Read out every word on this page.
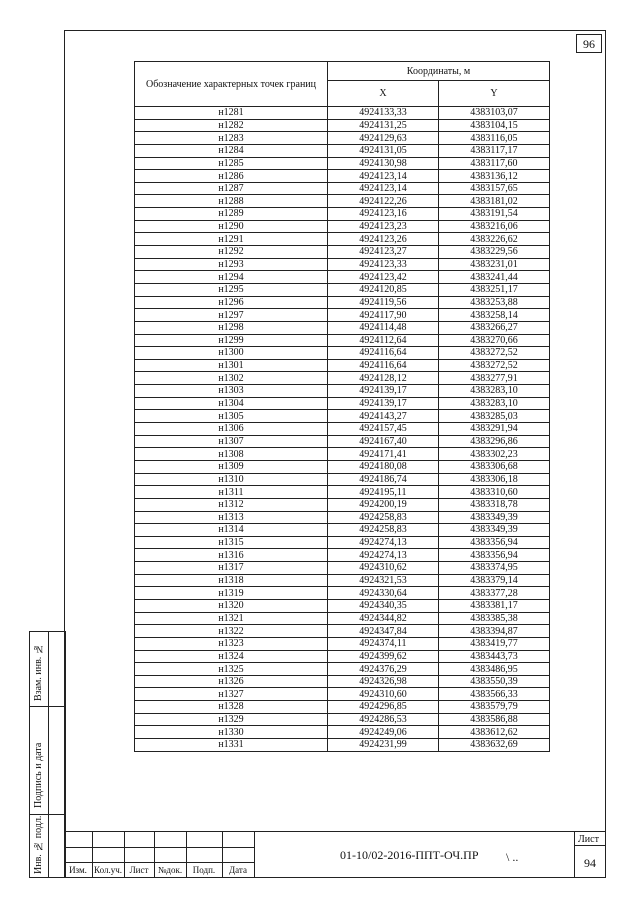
96
Обозначение характерных точек границ	Координаты, м	
	X	Y
н1281	4924133,33	4383103,07
н1282	4924131,25	4383104,15
н1283	4924129,63	4383116,05
н1284	4924131,05	4383117,17
н1285	4924130,98	4383117,60
н1286	4924123,14	4383136,12
н1287	4924123,14	4383157,65
н1288	4924122,26	4383181,02
н1289	4924123,16	4383191,54
н1290	4924123,23	4383216,06
н1291	4924123,26	4383226,62
н1292	4924123,27	4383229,56
н1293	4924123,33	4383231,01
н1294	4924123,42	4383241,44
н1295	4924120,85	4383251,17
н1296	4924119,56	4383253,88
н1297	4924117,90	4383258,14
н1298	4924114,48	4383266,27
н1299	4924112,64	4383270,66
н1300	4924116,64	4383272,52
н1301	4924116,64	4383272,52
н1302	4924128,12	4383277,91
н1303	4924139,17	4383283,10
н1304	4924139,17	4383283,10
н1305	4924143,27	4383285,03
н1306	4924157,45	4383291,94
н1307	4924167,40	4383296,86
н1308	4924171,41	4383302,23
н1309	4924180,08	4383306,68
н1310	4924186,74	4383306,18
н1311	4924195,11	4383310,60
н1312	4924200,19	4383318,78
н1313	4924258,83	4383349,39
н1314	4924258,83	4383349,39
н1315	4924274,13	4383356,94
н1316	4924274,13	4383356,94
н1317	4924310,62	4383374,95
н1318	4924321,53	4383379,14
н1319	4924330,64	4383377,28
н1320	4924340,35	4383381,17
н1321	4924344,82	4383385,38
н1322	4924347,84	4383394,87
н1323	4924374,11	4383419,77
н1324	4924399,62	4383443,73
н1325	4924376,29	4383486,95
н1326	4924326,98	4383550,39
н1327	4924310,60	4383566,33
н1328	4924296,85	4383579,79
н1329	4924286,53	4383586,88
н1330	4924249,06	4383612,62
н1331	4924231,99	4383632,69
Взам. инв. №
Подпись и дата
Инв. № подл.	Изм. Кол.уч. Лист	№док.	Подп.	Дата
01-10/02-2016-ППТ-ОЧ.ПР \ ..
Лист
94
